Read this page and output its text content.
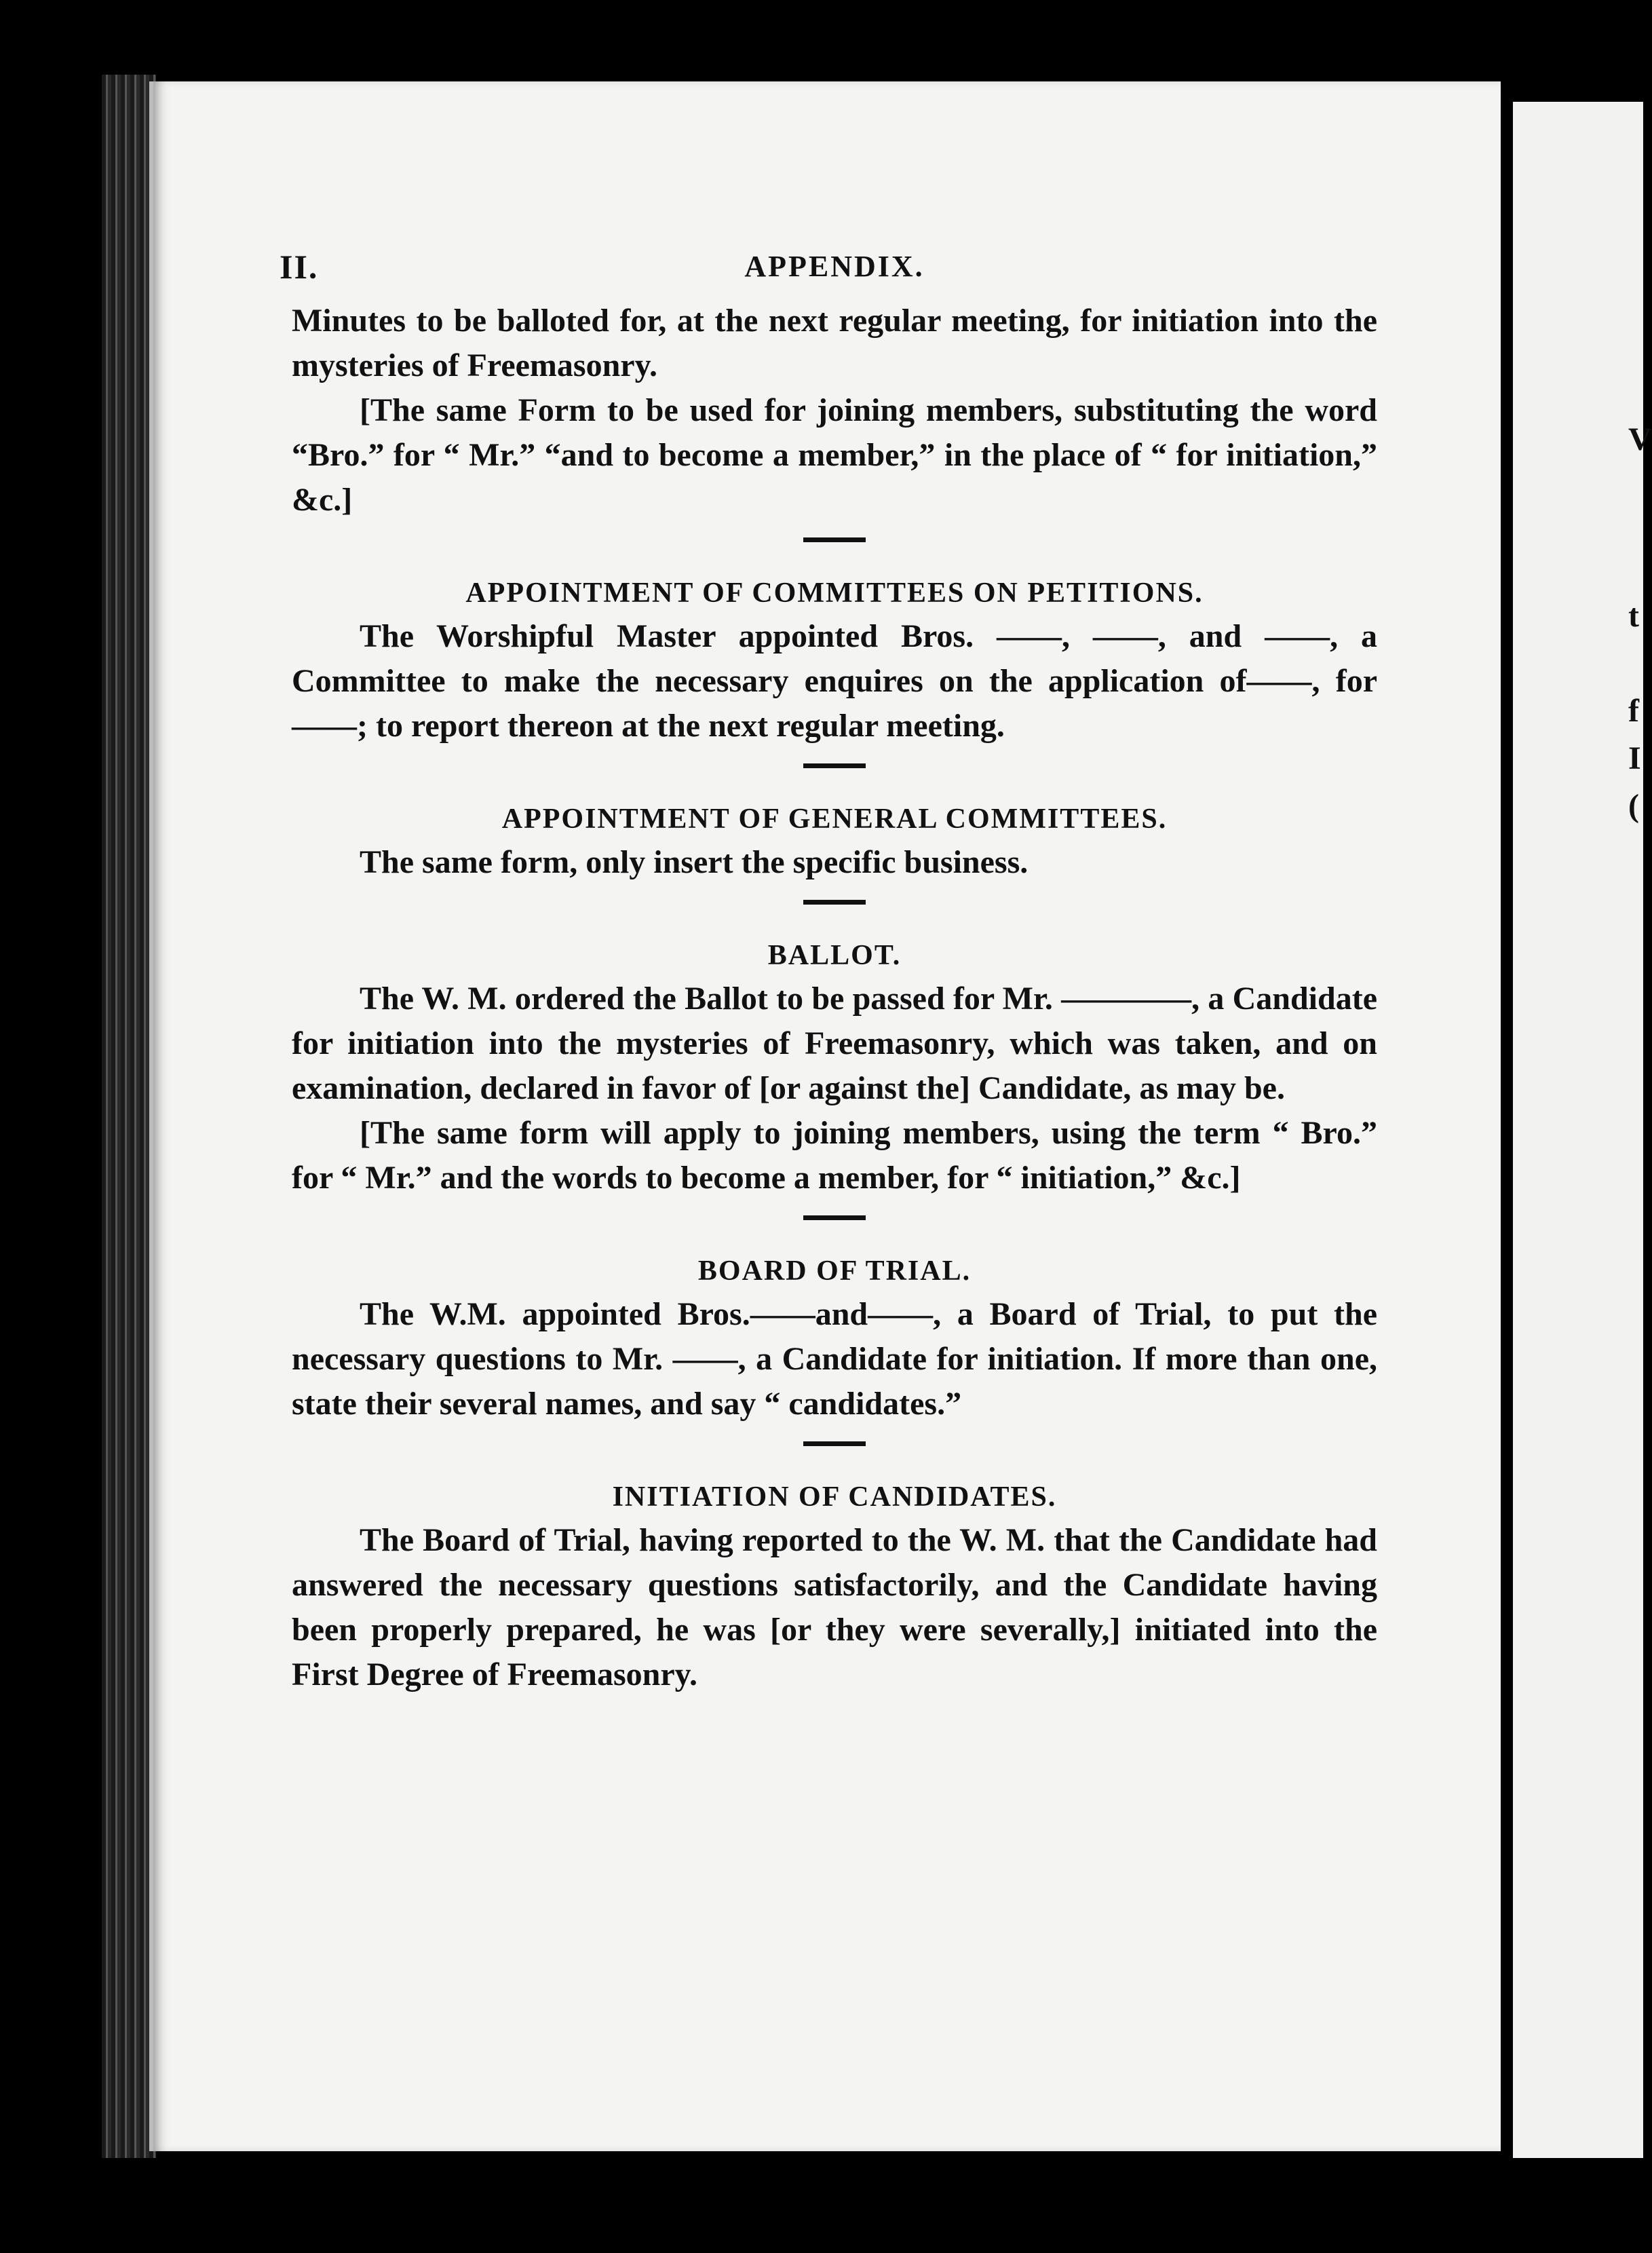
V
t
f
I
(
II.	APPENDIX.

Minutes to be balloted for, at the next regular meeting, for initiation into the mysteries of Freemasonry.

[The same Form to be used for joining members, substituting the word “Bro.” for “ Mr.” “and to become a member,” in the place of “ for initiation,” &c.]

APPOINTMENT OF COMMITTEES ON PETITIONS.

The Worshipful Master appointed Bros. ——, ——, and ——, a Committee to make the necessary enquires on the application of——, for ——; to report thereon at the next regular meeting.

APPOINTMENT OF GENERAL COMMITTEES.

The same form, only insert the specific business.

BALLOT.

The W. M. ordered the Ballot to be passed for Mr. ————, a Candidate for initiation into the mysteries of Freemasonry, which was taken, and on examination, declared in favor of [or against the] Candidate, as may be.

[The same form will apply to joining members, using the term “ Bro.” for “ Mr.” and the words to become a member, for “ initiation,” &c.]

BOARD OF TRIAL.

The W.M. appointed Bros.——and——, a Board of Trial, to put the necessary questions to Mr. ——, a Candidate for initiation. If more than one, state their several names, and say “ candidates.”

INITIATION OF CANDIDATES.

The Board of Trial, having reported to the W. M. that the Candidate had answered the necessary questions satisfactorily, and the Candidate having been properly prepared, he was [or they were severally,] initiated into the First Degree of Freemasonry.
